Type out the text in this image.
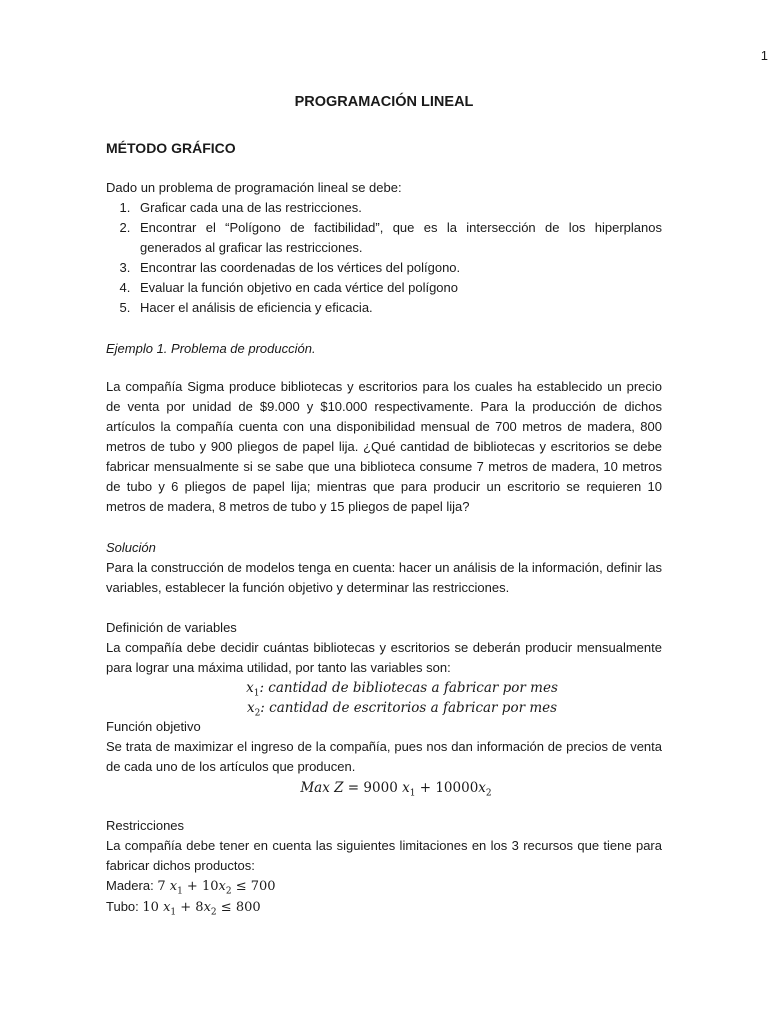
1
PROGRAMACIÓN LINEAL
MÉTODO GRÁFICO

Dado un problema de programación lineal se debe:

1. Graficar cada una de las restricciones.
2. Encontrar el “Polígono de factibilidad”, que es la intersección de los hiperplanos generados al graficar las restricciones.
3. Encontrar las coordenadas de los vértices del polígono.
4. Evaluar la función objetivo en cada vértice del polígono
5. Hacer el análisis de eficiencia y eficacia.
Ejemplo 1. Problema de producción.

La compañía Sigma produce bibliotecas y escritorios para los cuales ha establecido un precio de venta por unidad de $9.000 y $10.000 respectivamente. Para la producción de dichos artículos la compañía cuenta con una disponibilidad mensual de 700 metros de madera, 800 metros de tubo y 900 pliegos de papel lija. ¿Qué cantidad de bibliotecas y escritorios se debe fabricar mensualmente si se sabe que una biblioteca consume 7 metros de madera, 10 metros de tubo y 6 pliegos de papel lija; mientras que para producir un escritorio se requieren 10 metros de madera, 8 metros de tubo y 15 pliegos de papel lija?

Solución

Para la construcción de modelos tenga en cuenta: hacer un análisis de la información, definir las variables, establecer la función objetivo y determinar las restricciones.

Definición de variables

La compañía debe decidir cuántas bibliotecas y escritorios se deberán producir mensualmente para lograr una máxima utilidad, por tanto las variables son:

$x_1$: cantidad de bibliotecas a fabricar por mes

$x_2$: cantidad de escritorios a fabricar por mes

Función objetivo

Se trata de maximizar el ingreso de la compañía, pues nos dan información de precios de venta de cada uno de los artículos que producen.

Max Z = 9000 $x_1 + 10000x_2$

Restricciones

La compañía debe tener en cuenta las siguientes limitaciones en los 3 recursos que tiene para fabricar dichos productos:

Madera: 7 $x_1 + 10x_2 \le 700$

Tubo: 10 $x_1 + 8x_2 \le 800$
